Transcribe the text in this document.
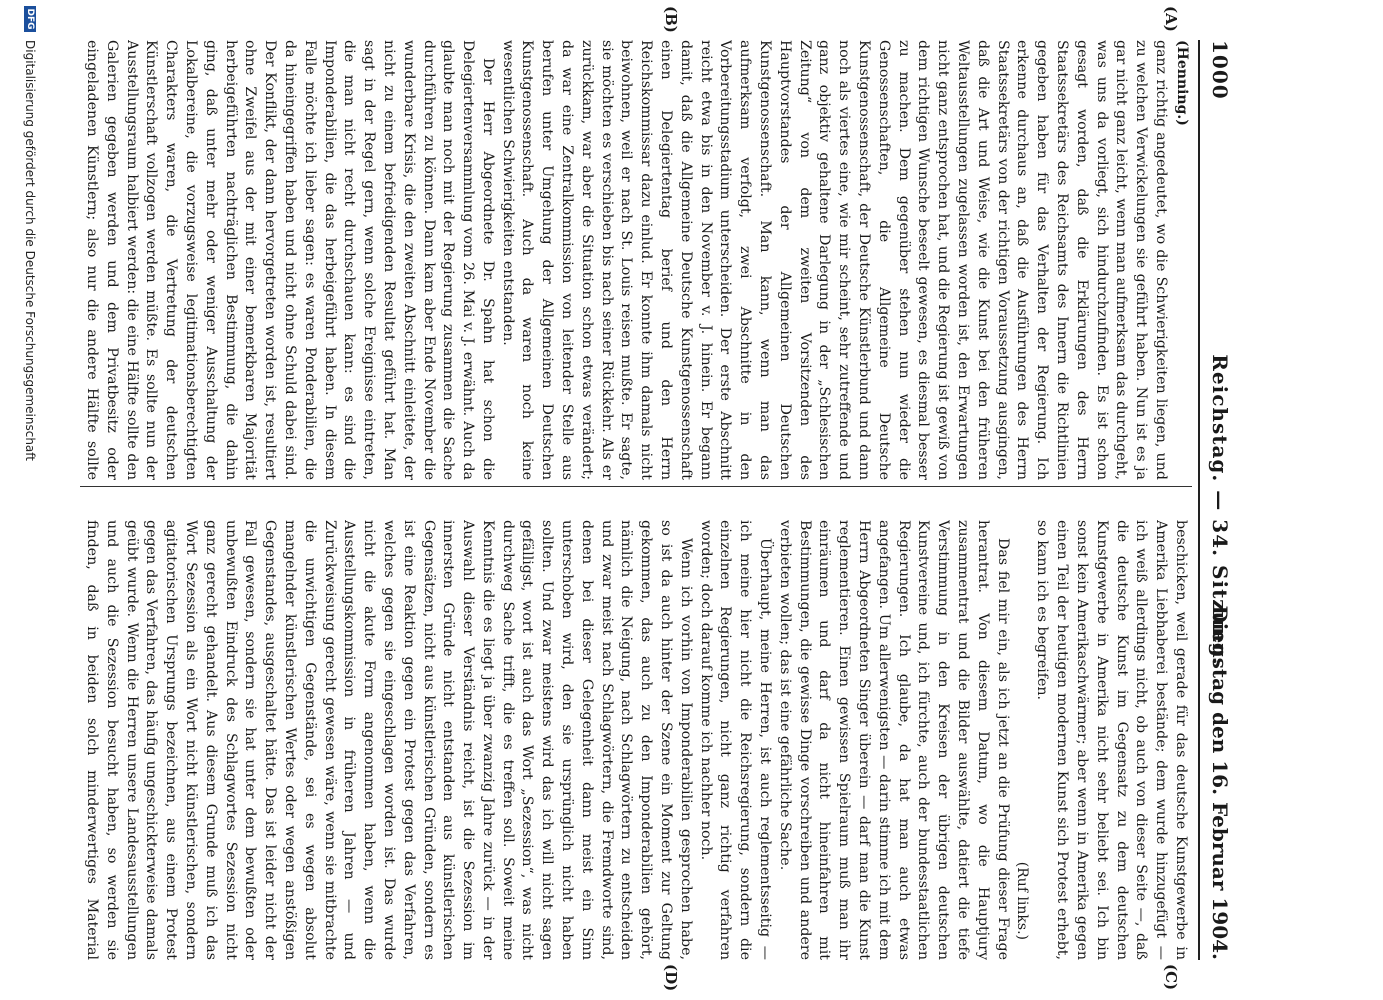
1000
Reichstag. — 34. Sitzung.
Dienstag den 16. Februar 1904.
(A)
(B)
(C)
(D)

(Henning.)

ganz richtig angedeutet, wo die Schwierigkeiten liegen, und zu welchen Verwickelungen sie geführt haben. Nun ist es ja gar nicht ganz leicht, wenn man aufmerksam das durchgeht, was uns da vorliegt, sich hindurchzufinden. Es ist schon gesagt worden, daß die Erklärungen des Herrn Staatssekretärs des Reichsamts des Innern die Richtlinien gegeben haben für das Verhalten der Regierung. Ich erkenne durchaus an, daß die Ausführungen des Herrn Staatssekretärs von der richtigen Voraussetzung ausgingen, daß die Art und Weise, wie die Kunst bei den früheren Weltausstellungen zugelassen worden ist, den Erwartungen nicht ganz entsprochen hat, und die Regierung ist gewiß von dem richtigen Wunsche beseelt gewesen, es diesmal besser zu machen. Dem gegenüber stehen nun wieder die Genossenschaften, die Allgemeine Deutsche Kunstgenossenschaft, der Deutsche Künstlerbund und dann noch als viertes eine, wie mir scheint, sehr zutreffende und ganz objektiv gehaltene Darlegung in der „Schlesischen Zeitung“ von dem zweiten Vorsitzenden des Hauptvorstandes der Allgemeinen Deutschen Kunstgenossenschaft. Man kann, wenn man das aufmerksam verfolgt, zwei Abschnitte in den Vorbereitungsstadium unterscheiden. Der erste Abschnitt reicht etwa bis in den November v. J. hinein. Er begann damit, daß die Allgemeine Deutsche Kunstgenossenschaft einen Delegiertentag berief und den Herrn Reichskommissar dazu einlud. Er konnte ihm damals nicht beiwohnen, weil er nach St. Louis reisen mußte. Er sagte, sie möchten es verschieben bis nach seiner Rückkehr. Als er zurückkam, war aber die Situation schon etwas verändert; da war eine Zentralkommission von leitender Stelle aus berufen unter Umgehung der Allgemeinen Deutschen Kunstgenossenschaft. Auch da waren noch keine wesentlichen Schwierigkeiten entstanden.

Der Herr Abgeordnete Dr. Spahn hat schon die Delegiertenversammlung vom 26. Mai v. J. erwähnt. Auch da glaubte man noch mit der Regierung zusammen die Sache durchführen zu können. Dann kam aber Ende November die wunderbare Krisis, die den zweiten Abschnitt einleitete, der nicht zu einem befriedigenden Resultat geführt hat. Man sagt in der Regel gern, wenn solche Ereignisse eintreten, die man nicht recht durchschauen kann: es sind die Imponderabilien, die das herbeigeführt haben. In diesem Falle möchte ich lieber sagen: es waren Ponderabilien, die da hineingegriffen haben und nicht ohne Schuld dabei sind. Der Konflikt, der dann hervorgetreten worden ist, resultiert ohne Zweifel aus der mit einer bemerkbaren Majorität herbeigeführten nachträglichen Bestimmung, die dahin ging, daß unter mehr oder weniger Ausschaltung der Lokalbereine, die vorzugsweise legitimationsberechtigten Charakters waren, die Vertretung der deutschen Künstlerschaft vollzogen werden müßte. Es sollte nun der Ausstellungsraum halbiert werden: die eine Hälfte sollte den Galerien gegeben werden und dem Privatbesitz oder eingeladenen Künstlern; also nur die andere Hälfte sollte

beschicken, weil gerade für das deutsche Kunstgewerbe in Amerika Liebhaberei bestände; dem wurde hinzugefügt — ich weiß allerdings nicht, ob auch von dieser Seite —, daß die deutsche Kunst im Gegensatz zu dem deutschen Kunstgewerbe in Amerika nicht sehr beliebt sei. Ich bin sonst kein Amerikaschwärmer; aber wenn in Amerika gegen einen Teil der heutigen modernen Kunst sich Protest erhebt, so kann ich es begreifen.

(Ruf links.)

Das fiel mir ein, als ich jetzt an die Prüfung dieser Frage herantrat. Von diesem Datum, wo die Hauptjury zusammentrat und die Bilder auswählte, datiert die tiefe Verstimmung in den Kreisen der übrigen deutschen Kunstvereine und, ich fürchte, auch der bundesstaatlichen Regierungen. Ich glaube, da hat man auch etwas angefangen. Um allerwenigsten — darin stimme ich mit dem Herrn Abgeordneten Singer überein — darf man die Kunst reglementieren. Einen gewissen Spielraum muß man ihr einräumen und darf da nicht hineinfahren mit Bestimmungen, die gewisse Dinge vorschreiben und andere verbieten wollen; das ist eine gefährliche Sache.

Überhaupt, meine Herren, ist auch reglementsseitig — ich meine hier nicht die Reichsregierung, sondern die einzelnen Regierungen, nicht ganz richtig verfahren worden; doch darauf komme ich nachher noch.

Wenn ich vorhin von Imponderabilien gesprochen habe, so ist da auch hinter der Szene ein Moment zur Geltung gekommen, das auch zu den Imponderabilien gehört, nämlich die Neigung, nach Schlagwörtern zu entscheiden und zwar meist nach Schlagwörtern, die Fremdworte sind, denen bei dieser Gelegenheit dann meist ein Sinn unterschoben wird, den sie ursprünglich nicht haben sollten. Und zwar meistens wird das ich will nicht sagen gefälligst, wort ist auch das Wort „Sezession“, was nicht durchweg Sache trifft, die es treffen soll. Soweit meine Kenntnis die es liegt ja über zwanzig Jahre zurück — in der Auswahl dieser Verständnis reicht, ist die Sezession im innersten Gründe nicht entstanden aus künstlerischen Gegensätzen, nicht aus künstlerischen Gründen, sondern es ist eine Reaktion gegen ein Protest gegen das Verfahren, welches gegen sie eingeschlagen worden ist. Das wurde nicht die akute Form angenommen haben, wenn die Ausstellungskommission in früheren Jahren — und Zurückweisung gerecht gewesen wäre, wenn sie mitbrachte die unwichtigen Gegenstände, sei es wegen absolut mangelnder künstlerischen Wertes oder wegen anstößigen Gegenstandes, ausgeschaltet hätte. Das ist leider nicht der Fall gewesen, sondern sie hat unter dem bewußten oder unbewußten Eindruck des Schlagwortes Sezession nicht ganz gerecht gehandelt. Aus diesem Grunde muß ich das Wort Sezession als ein Wort nicht künstlerischen, sondern agitatorischen Ursprungs bezeichnen, aus einem Protest gegen das Verfahren, das häufig ungeschickterweise damals geübt wurde. Wenn die Herren unsere Landesausstellungen und auch die Sezession besucht haben, so werden sie finden, daß in beiden solch minderwertiges Material

DFG
Digitalisierung gefördert durch die Deutsche Forschungsgemeinschaft
